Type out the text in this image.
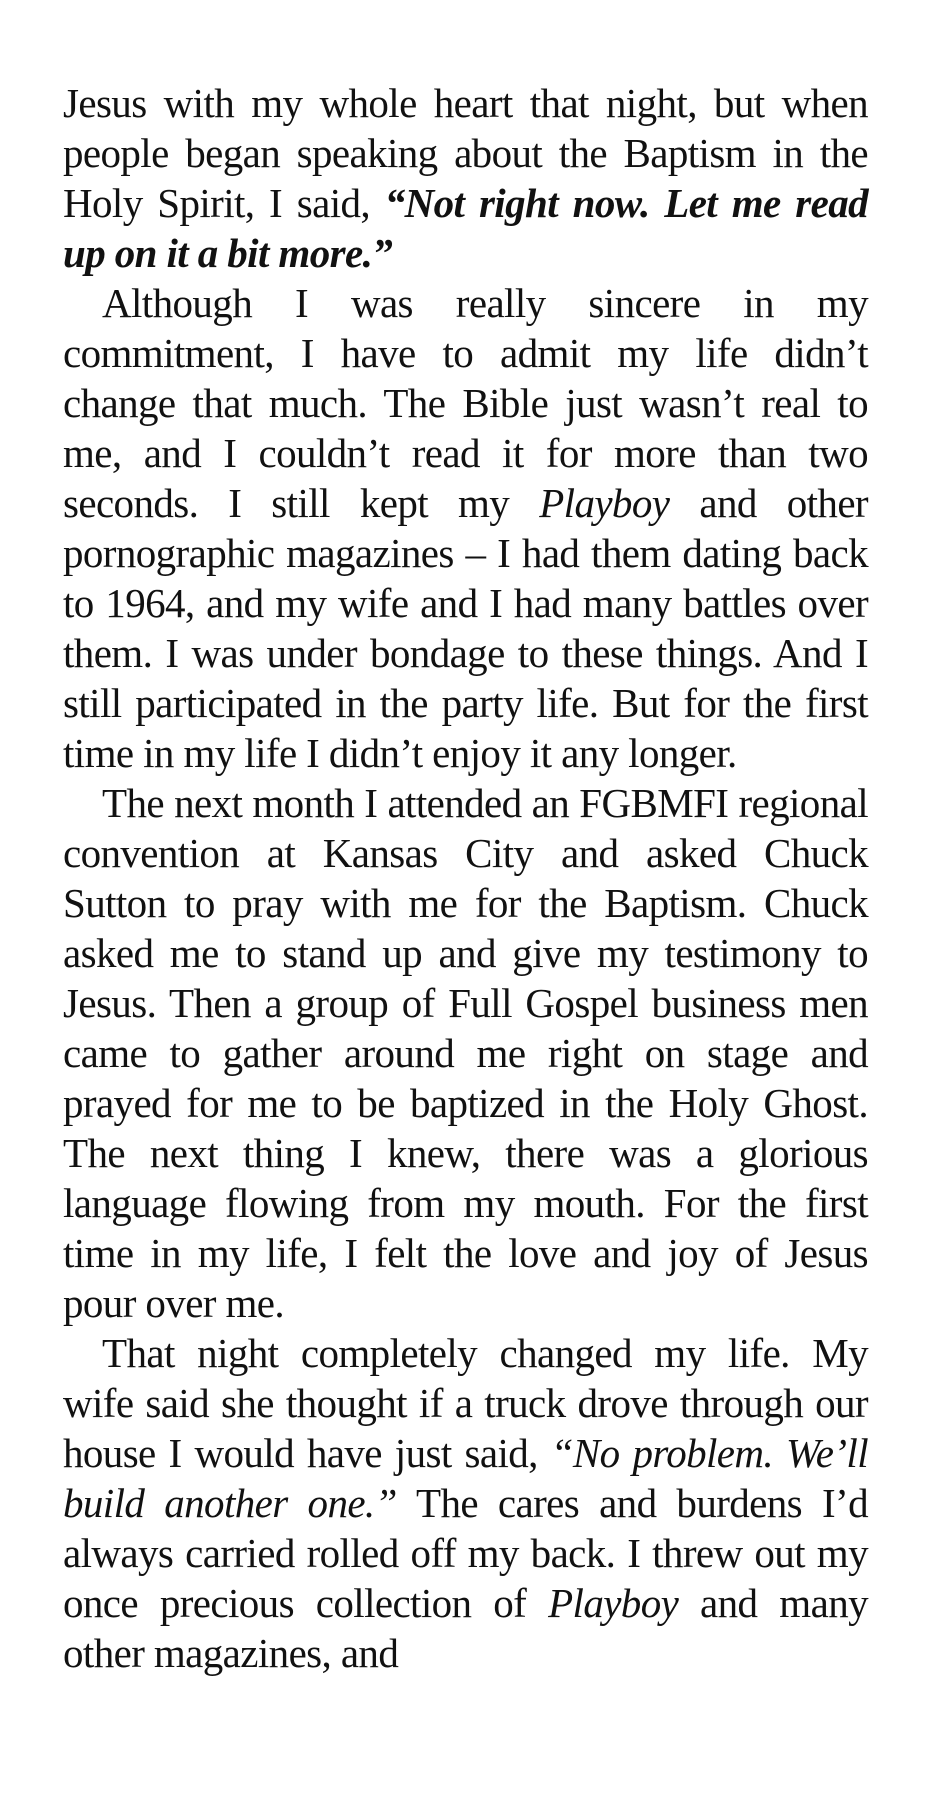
Jesus with my whole heart that night, but when people began speaking about the Baptism in the Holy Spirit, I said, “Not right now. Let me read up on it a bit more.”

Although I was really sincere in my commitment, I have to admit my life didn’t change that much. The Bible just wasn’t real to me, and I couldn’t read it for more than two seconds. I still kept my Playboy and other pornographic magazines – I had them dating back to 1964, and my wife and I had many battles over them. I was under bondage to these things. And I still participated in the party life. But for the first time in my life I didn’t enjoy it any longer.

The next month I attended an FGBMFI regional convention at Kansas City and asked Chuck Sutton to pray with me for the Baptism. Chuck asked me to stand up and give my testimony to Jesus. Then a group of Full Gospel business men came to gather around me right on stage and prayed for me to be baptized in the Holy Ghost. The next thing I knew, there was a glorious language flowing from my mouth. For the first time in my life, I felt the love and joy of Jesus pour over me.

That night completely changed my life. My wife said she thought if a truck drove through our house I would have just said, “No problem. We’ll build another one.” The cares and burdens I’d always carried rolled off my back. I threw out my once precious collection of Playboy and many other magazines, and
